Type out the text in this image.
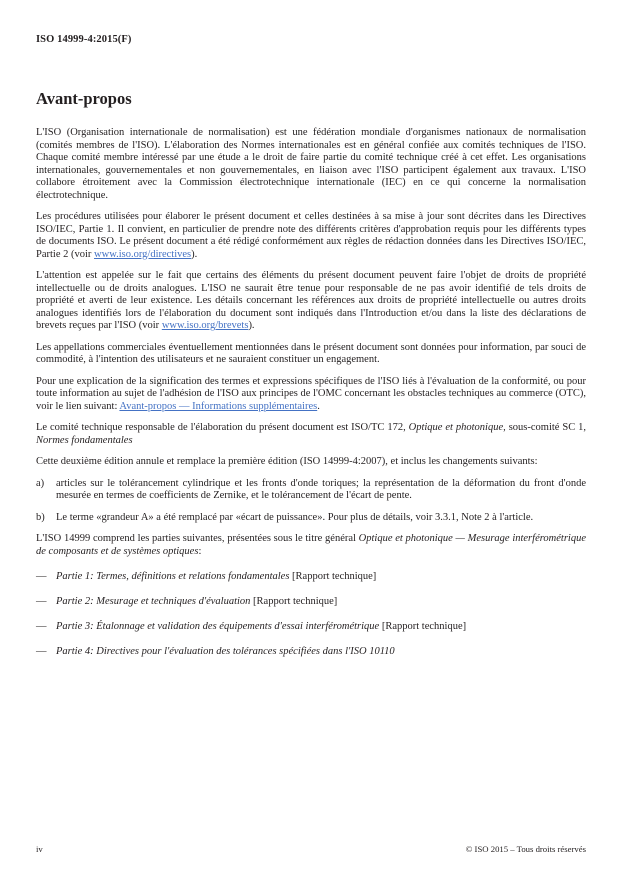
ISO 14999-4:2015(F)
Avant-propos

L'ISO (Organisation internationale de normalisation) est une fédération mondiale d'organismes nationaux de normalisation (comités membres de l'ISO). L'élaboration des Normes internationales est en général confiée aux comités techniques de l'ISO. Chaque comité membre intéressé par une étude a le droit de faire partie du comité technique créé à cet effet. Les organisations internationales, gouvernementales et non gouvernementales, en liaison avec l'ISO participent également aux travaux. L'ISO collabore étroitement avec la Commission électrotechnique internationale (IEC) en ce qui concerne la normalisation électrotechnique.

Les procédures utilisées pour élaborer le présent document et celles destinées à sa mise à jour sont décrites dans les Directives ISO/IEC, Partie 1. Il convient, en particulier de prendre note des différents critères d'approbation requis pour les différents types de documents ISO. Le présent document a été rédigé conformément aux règles de rédaction données dans les Directives ISO/IEC, Partie 2 (voir www.iso.org/directives).

L'attention est appelée sur le fait que certains des éléments du présent document peuvent faire l'objet de droits de propriété intellectuelle ou de droits analogues. L'ISO ne saurait être tenue pour responsable de ne pas avoir identifié de tels droits de propriété et averti de leur existence. Les détails concernant les références aux droits de propriété intellectuelle ou autres droits analogues identifiés lors de l'élaboration du document sont indiqués dans l'Introduction et/ou dans la liste des déclarations de brevets reçues par l'ISO (voir www.iso.org/brevets).

Les appellations commerciales éventuellement mentionnées dans le présent document sont données pour information, par souci de commodité, à l'intention des utilisateurs et ne sauraient constituer un engagement.

Pour une explication de la signification des termes et expressions spécifiques de l'ISO liés à l'évaluation de la conformité, ou pour toute information au sujet de l'adhésion de l'ISO aux principes de l'OMC concernant les obstacles techniques au commerce (OTC), voir le lien suivant: Avant-propos — Informations supplémentaires.

Le comité technique responsable de l'élaboration du présent document est ISO/TC 172, Optique et photonique, sous-comité SC 1, Normes fondamentales

Cette deuxième édition annule et remplace la première édition (ISO 14999-4:2007), et inclus les changements suivants:

a) articles sur le tolérancement cylindrique et les fronts d'onde toriques; la représentation de la déformation du front d'onde mesurée en termes de coefficients de Zernike, et le tolérancement de l'écart de pente.

b) Le terme «grandeur A» a été remplacé par «écart de puissance». Pour plus de détails, voir 3.3.1, Note 2 à l'article.

L'ISO 14999 comprend les parties suivantes, présentées sous le titre général Optique et photonique — Mesurage interférométrique de composants et de systèmes optiques:

— Partie 1: Termes, définitions et relations fondamentales [Rapport technique]

— Partie 2: Mesurage et techniques d'évaluation [Rapport technique]

— Partie 3: Étalonnage et validation des équipements d'essai interférométrique [Rapport technique]

— Partie 4: Directives pour l'évaluation des tolérances spécifiées dans l'ISO 10110

iv	© ISO 2015 – Tous droits réservés
